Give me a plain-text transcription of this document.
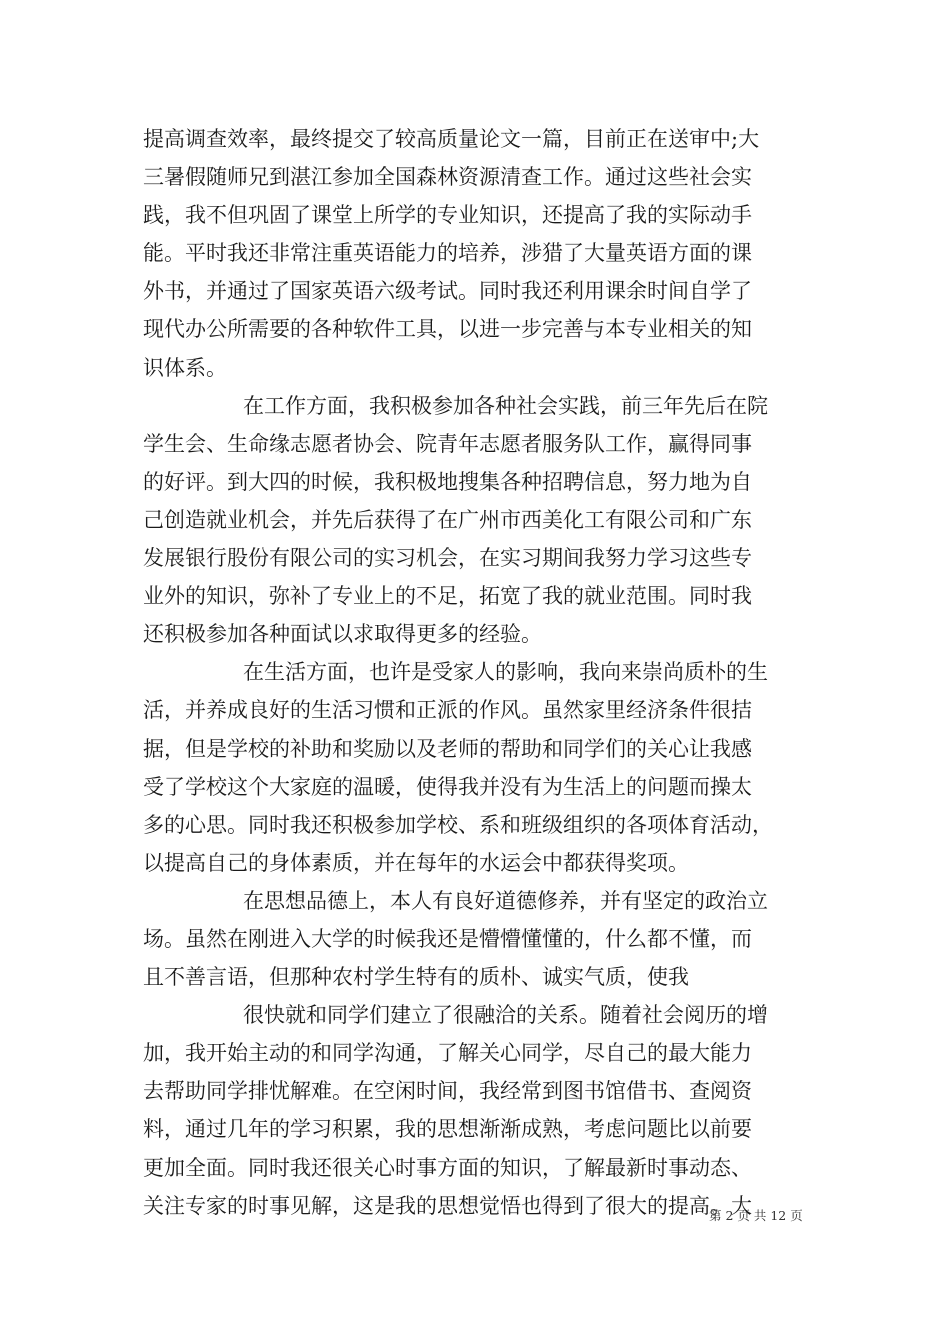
提高调查效率，最终提交了较高质量论文一篇，目前正在送审中;大
三暑假随师兄到湛江参加全国森林资源清查工作。通过这些社会实
践，我不但巩固了课堂上所学的专业知识，还提高了我的实际动手
能。平时我还非常注重英语能力的培养，涉猎了大量英语方面的课
外书，并通过了国家英语六级考试。同时我还利用课余时间自学了
现代办公所需要的各种软件工具，以进一步完善与本专业相关的知
识体系。
在工作方面，我积极参加各种社会实践，前三年先后在院
学生会、生命缘志愿者协会、院青年志愿者服务队工作，赢得同事
的好评。到大四的时候，我积极地搜集各种招聘信息，努力地为自
己创造就业机会，并先后获得了在广州市西美化工有限公司和广东
发展银行股份有限公司的实习机会，在实习期间我努力学习这些专
业外的知识，弥补了专业上的不足，拓宽了我的就业范围。同时我
还积极参加各种面试以求取得更多的经验。
在生活方面，也许是受家人的影响，我向来崇尚质朴的生
活，并养成良好的生活习惯和正派的作风。虽然家里经济条件很拮
据，但是学校的补助和奖励以及老师的帮助和同学们的关心让我感
受了学校这个大家庭的温暖，使得我并没有为生活上的问题而操太
多的心思。同时我还积极参加学校、系和班级组织的各项体育活动，
以提高自己的身体素质，并在每年的水运会中都获得奖项。
在思想品德上，本人有良好道德修养，并有坚定的政治立
场。虽然在刚进入大学的时候我还是懵懵懂懂的，什么都不懂，而
且不善言语，但那种农村学生特有的质朴、诚实气质，使我
很快就和同学们建立了很融洽的关系。随着社会阅历的增
加，我开始主动的和同学沟通，了解关心同学，尽自己的最大能力
去帮助同学排忧解难。在空闲时间，我经常到图书馆借书、查阅资
料，通过几年的学习积累，我的思想渐渐成熟，考虑问题比以前要
更加全面。同时我还很关心时事方面的知识，了解最新时事动态、
关注专家的时事见解，这是我的思想觉悟也得到了很大的提高。大
第 2 页 共 12 页
